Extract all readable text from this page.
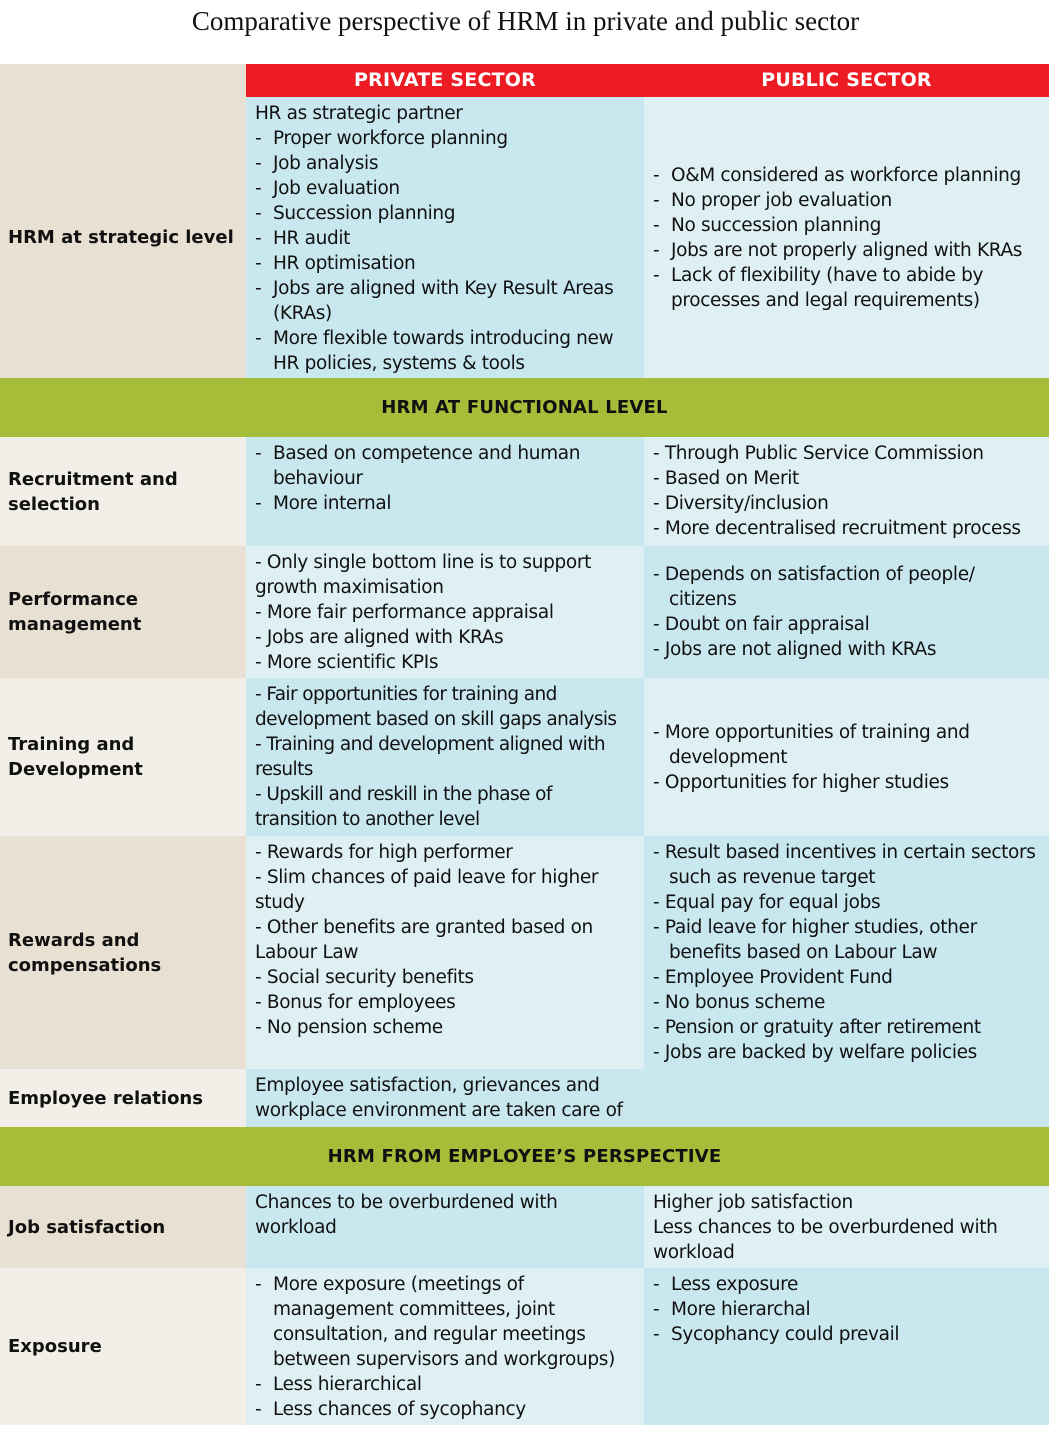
Comparative perspective of HRM in private and public sector
PRIVATE SECTOR	PUBLIC SECTOR
HRM at strategic level
HR as strategic partner
- Proper workforce planning
- Job analysis
- Job evaluation
- Succession planning
- HR audit
- HR optimisation
- Jobs are aligned with Key Result Areas (KRAs)
- More flexible towards introducing new HR policies, systems & tools
- O&M considered as workforce planning
- No proper job evaluation
- No succession planning
- Jobs are not properly aligned with KRAs
- Lack of flexibility (have to abide by processes and legal requirements)
HRM AT FUNCTIONAL LEVEL
Recruitment and selection
- Based on competence and human behaviour
- More internal
- Through Public Service Commission
- Based on Merit
- Diversity/inclusion
- More decentralised recruitment process
Performance management
- Only single bottom line is to support growth maximisation
- More fair performance appraisal
- Jobs are aligned with KRAs
- More scientific KPIs
- Depends on satisfaction of people/ citizens
- Doubt on fair appraisal
- Jobs are not aligned with KRAs
Training and Development
- Fair opportunities for training and development based on skill gaps analysis
- Training and development aligned with results
- Upskill and reskill in the phase of transition to another level
- More opportunities of training and development
- Opportunities for higher studies
Rewards and compensations
- Rewards for high performer
- Slim chances of paid leave for higher study
- Other benefits are granted based on Labour Law
- Social security benefits
- Bonus for employees
- No pension scheme
- Result based incentives in certain sectors such as revenue target
- Equal pay for equal jobs
- Paid leave for higher studies, other benefits based on Labour Law
- Employee Provident Fund
- No bonus scheme
- Pension or gratuity after retirement
- Jobs are backed by welfare policies
Employee relations
Employee satisfaction, grievances and workplace environment are taken care of
HRM FROM EMPLOYEE’S PERSPECTIVE
Job satisfaction
Chances to be overburdened with workload
Higher job satisfaction
Less chances to be overburdened with workload
Exposure
- More exposure (meetings of management committees, joint consultation, and regular meetings between supervisors and workgroups)
- Less hierarchical
- Less chances of sycophancy
- Less exposure
- More hierarchal
- Sycophancy could prevail
